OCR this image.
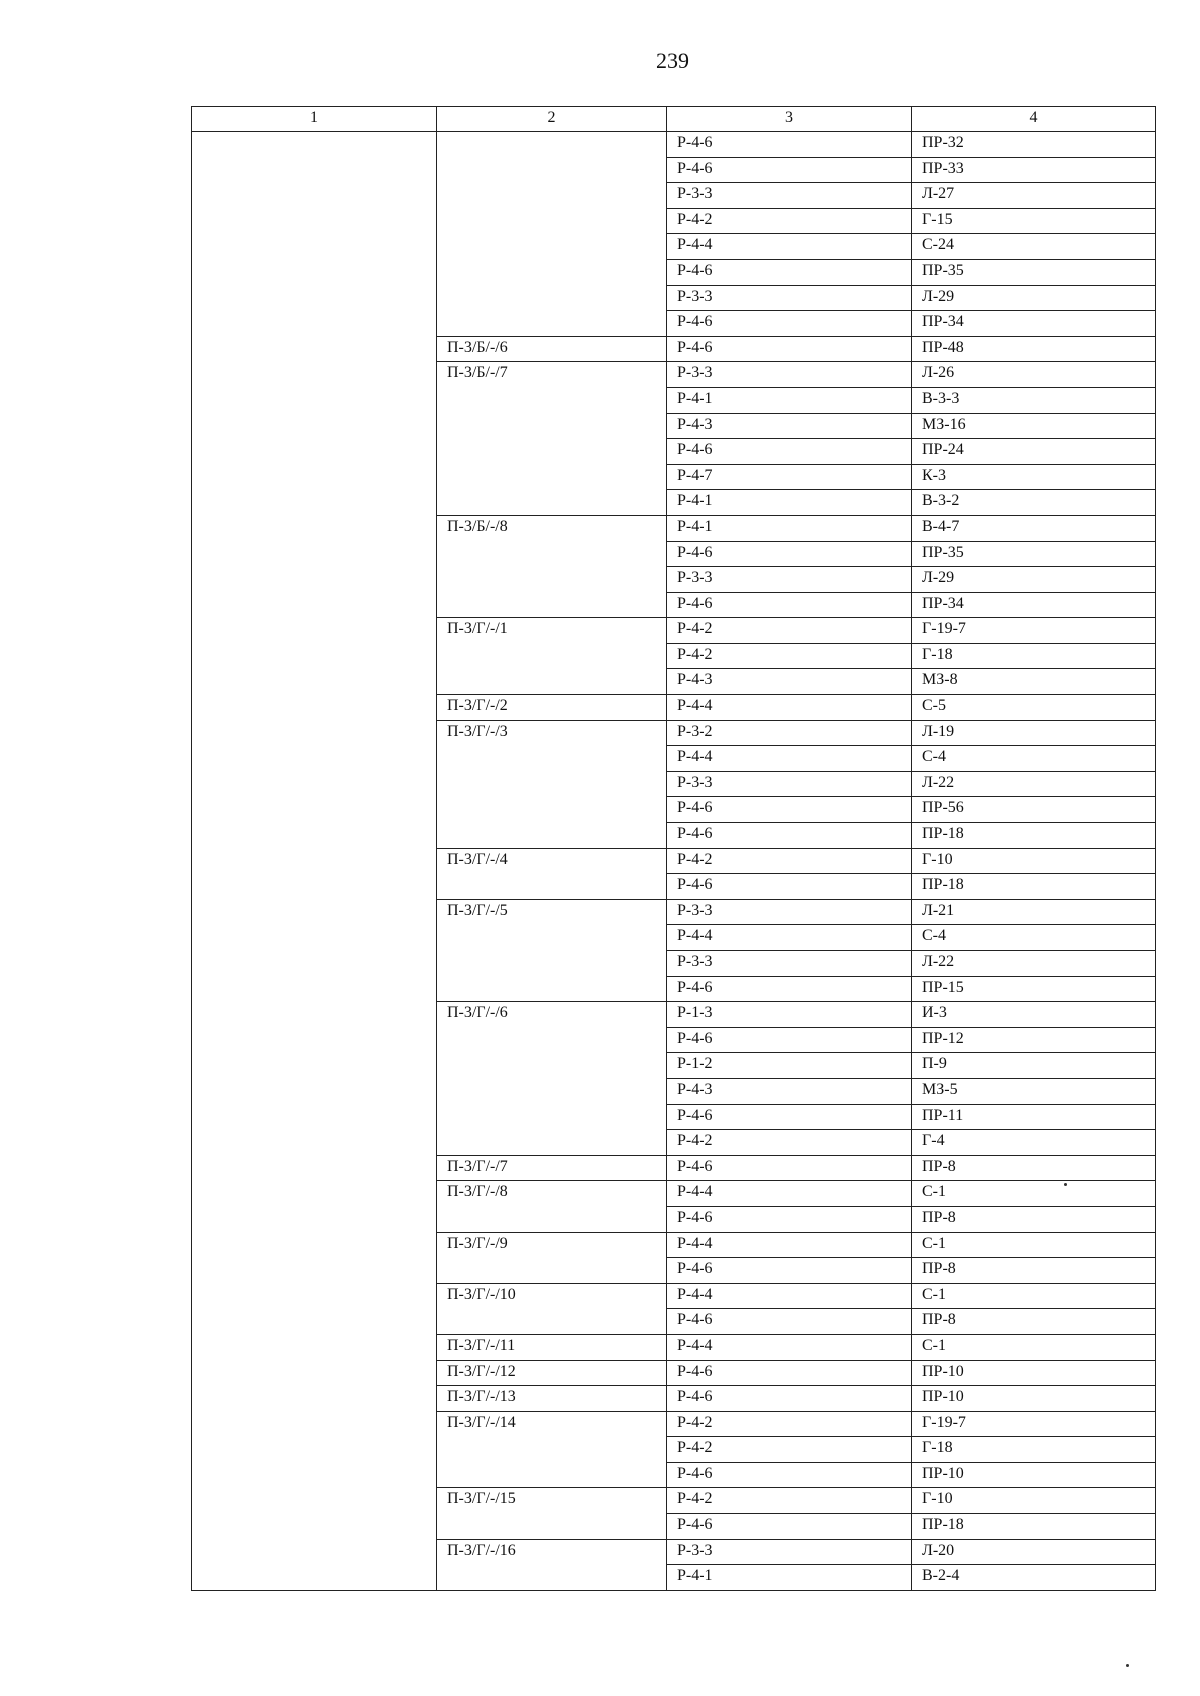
239
1	2	3	4
		Р-4-6	ПР-32
		Р-4-6	ПР-33
		Р-3-3	Л-27
		Р-4-2	Г-15
		Р-4-4	С-24
		Р-4-6	ПР-35
		Р-3-3	Л-29
		Р-4-6	ПР-34
	П-3/Б/-/6	Р-4-6	ПР-48
	П-3/Б/-/7	Р-3-3	Л-26
		Р-4-1	В-3-3
		Р-4-3	МЗ-16
		Р-4-6	ПР-24
		Р-4-7	К-3
		Р-4-1	В-3-2
	П-3/Б/-/8	Р-4-1	В-4-7
		Р-4-6	ПР-35
		Р-3-3	Л-29
		Р-4-6	ПР-34
	П-3/Г/-/1	Р-4-2	Г-19-7
		Р-4-2	Г-18
		Р-4-3	МЗ-8
	П-3/Г/-/2	Р-4-4	С-5
	П-3/Г/-/3	Р-3-2	Л-19
		Р-4-4	С-4
		Р-3-3	Л-22
		Р-4-6	ПР-56
		Р-4-6	ПР-18
	П-3/Г/-/4	Р-4-2	Г-10
		Р-4-6	ПР-18
	П-3/Г/-/5	Р-3-3	Л-21
		Р-4-4	С-4
		Р-3-3	Л-22
		Р-4-6	ПР-15
	П-3/Г/-/6	Р-1-3	И-3
		Р-4-6	ПР-12
		Р-1-2	П-9
		Р-4-3	МЗ-5
		Р-4-6	ПР-11
		Р-4-2	Г-4
	П-3/Г/-/7	Р-4-6	ПР-8
	П-3/Г/-/8	Р-4-4	С-1
		Р-4-6	ПР-8
	П-3/Г/-/9	Р-4-4	С-1
		Р-4-6	ПР-8
	П-3/Г/-/10	Р-4-4	С-1
		Р-4-6	ПР-8
	П-3/Г/-/11	Р-4-4	С-1
	П-3/Г/-/12	Р-4-6	ПР-10
	П-3/Г/-/13	Р-4-6	ПР-10
	П-3/Г/-/14	Р-4-2	Г-19-7
		Р-4-2	Г-18
		Р-4-6	ПР-10
	П-3/Г/-/15	Р-4-2	Г-10
		Р-4-6	ПР-18
	П-3/Г/-/16	Р-3-3	Л-20
		Р-4-1	В-2-4
